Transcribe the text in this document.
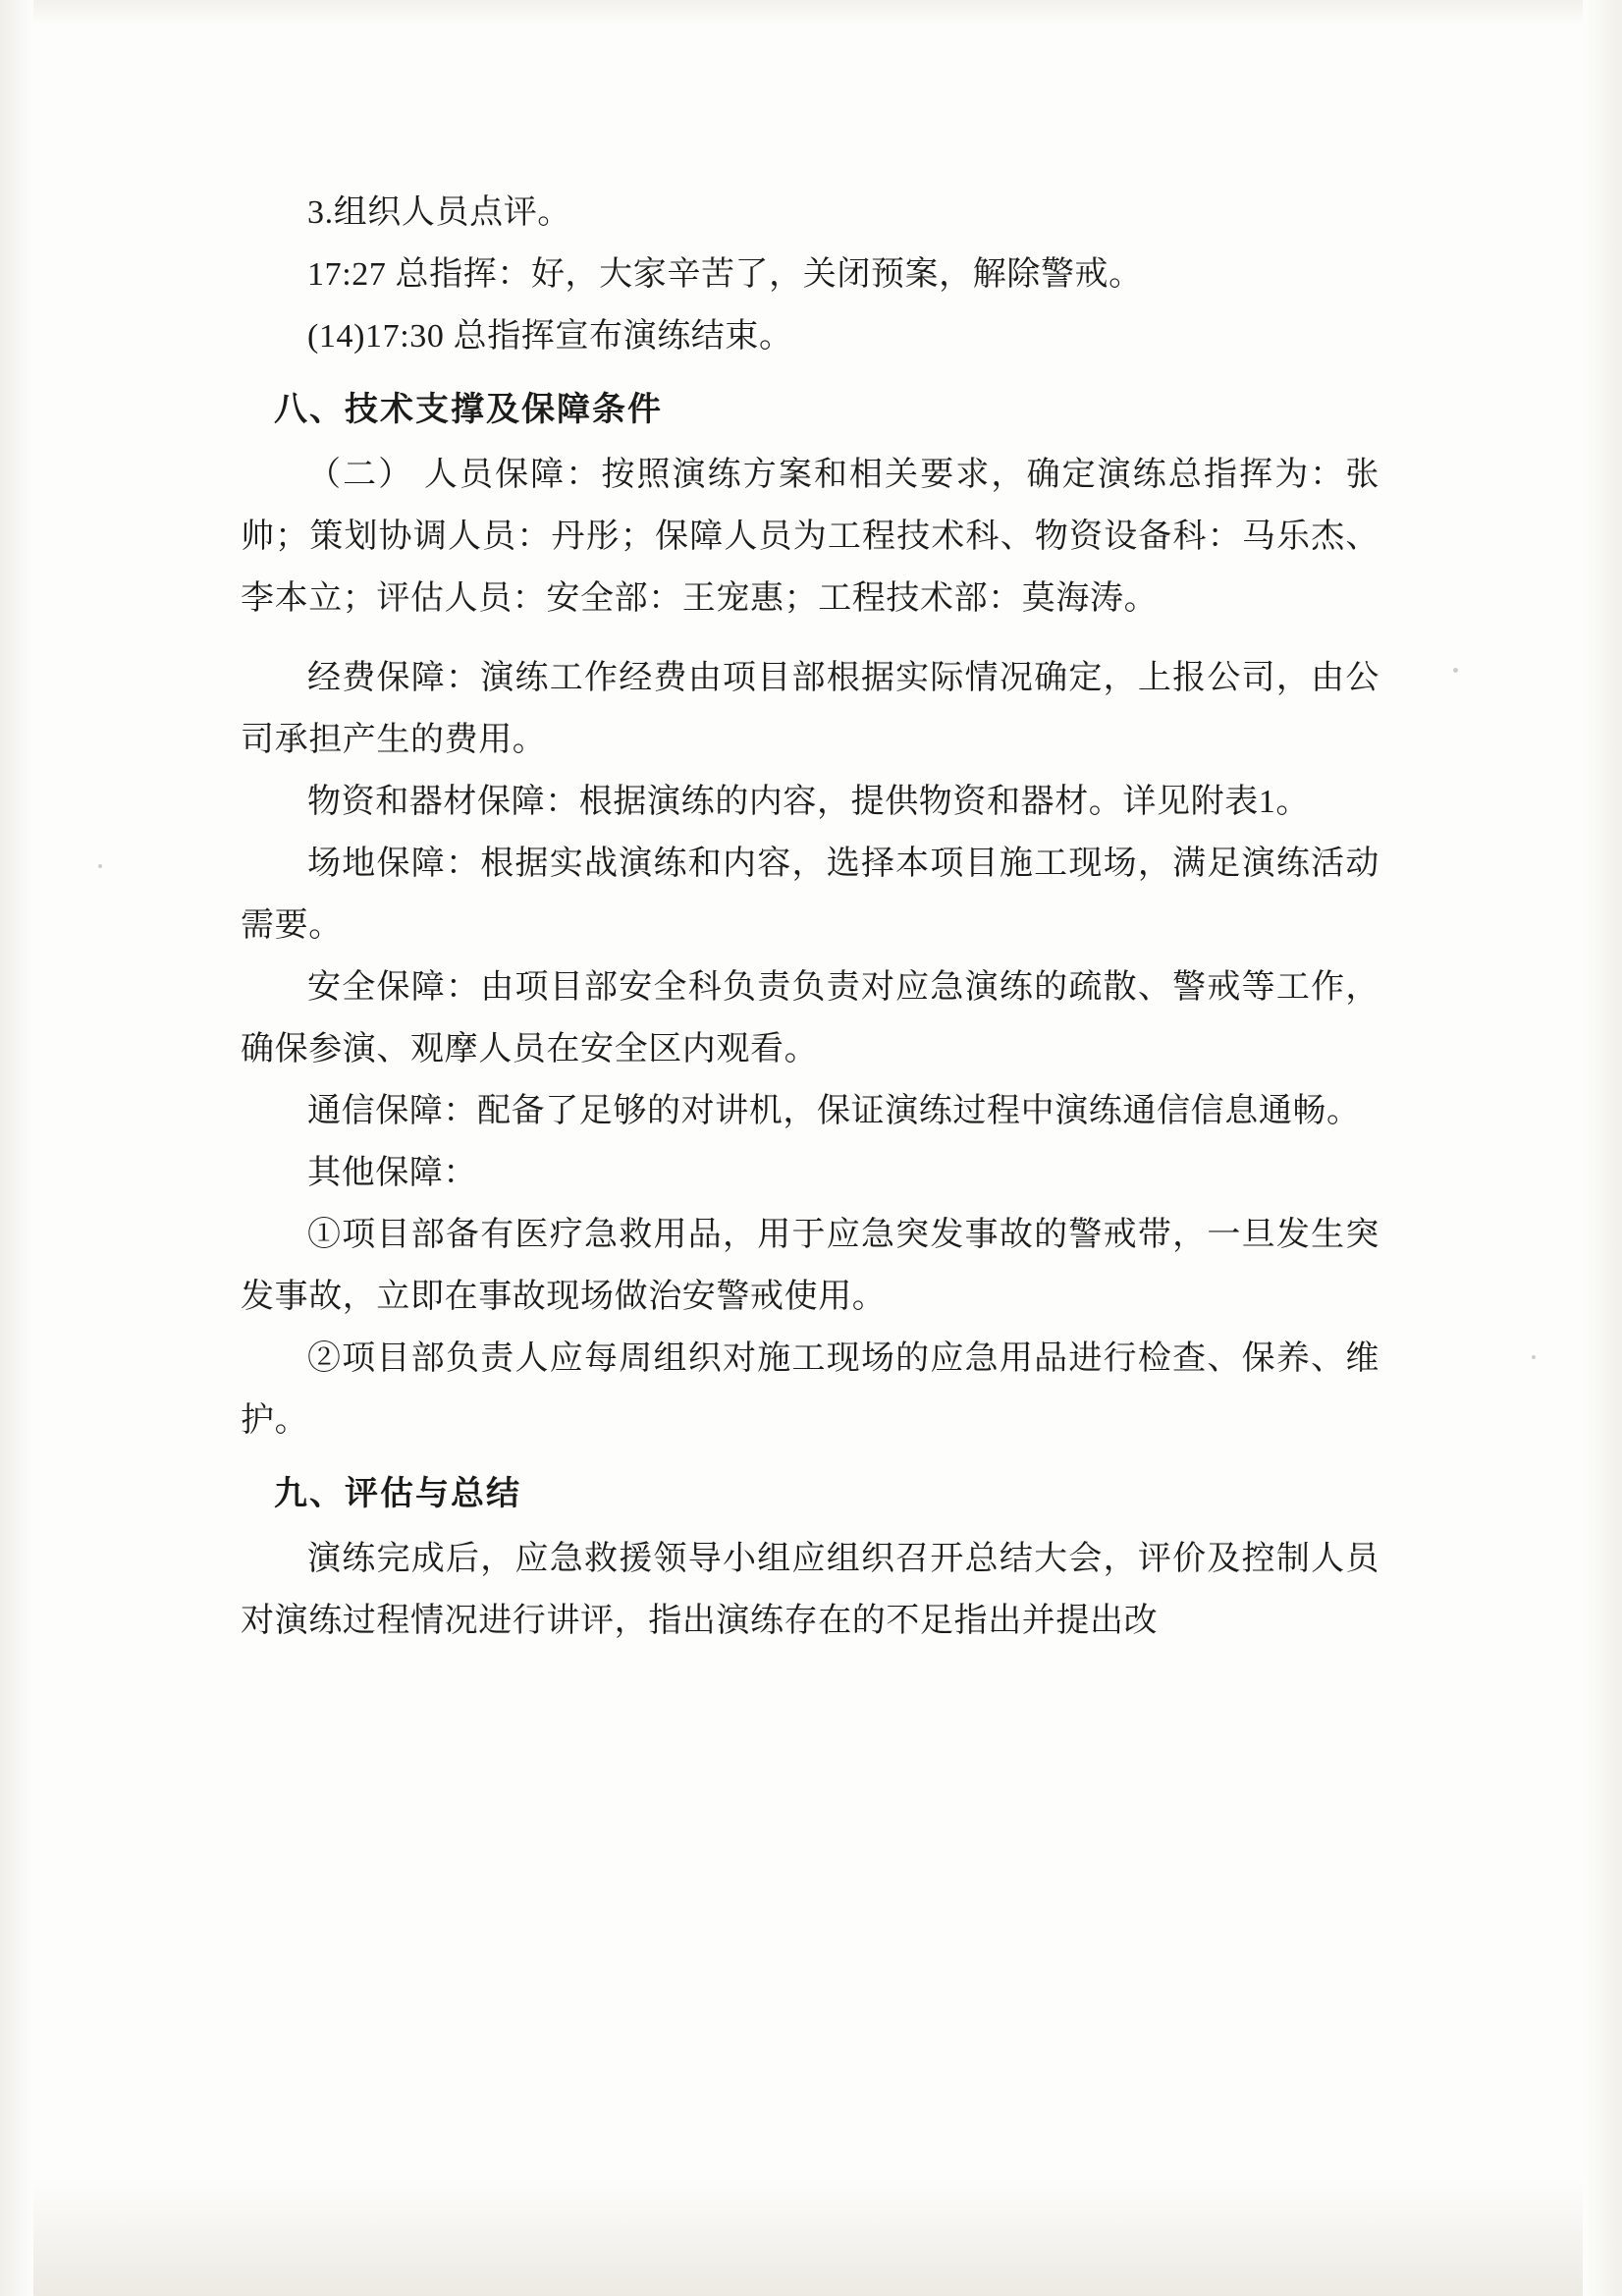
3.组织人员点评。

17:27 总指挥：好，大家辛苦了，关闭预案，解除警戒。

(14)17:30 总指挥宣布演练结束。

八、技术支撑及保障条件

（二） 人员保障：按照演练方案和相关要求，确定演练总指挥为：张帅；策划协调人员：丹彤；保障人员为工程技术科、物资设备科：马乐杰、李本立；评估人员：安全部：王宠惠；工程技术部：莫海涛。

经费保障：演练工作经费由项目部根据实际情况确定，上报公司，由公司承担产生的费用。

物资和器材保障：根据演练的内容，提供物资和器材。详见附表1。

场地保障：根据实战演练和内容，选择本项目施工现场，满足演练活动需要。

安全保障：由项目部安全科负责负责对应急演练的疏散、警戒等工作，确保参演、观摩人员在安全区内观看。

通信保障：配备了足够的对讲机，保证演练过程中演练通信信息通畅。

其他保障：

①项目部备有医疗急救用品，用于应急突发事故的警戒带，一旦发生突发事故，立即在事故现场做治安警戒使用。

②项目部负责人应每周组织对施工现场的应急用品进行检查、保养、维护。

九、评估与总结

演练完成后，应急救援领导小组应组织召开总结大会，评价及控制人员对演练过程情况进行讲评，指出演练存在的不足指出并提出改
